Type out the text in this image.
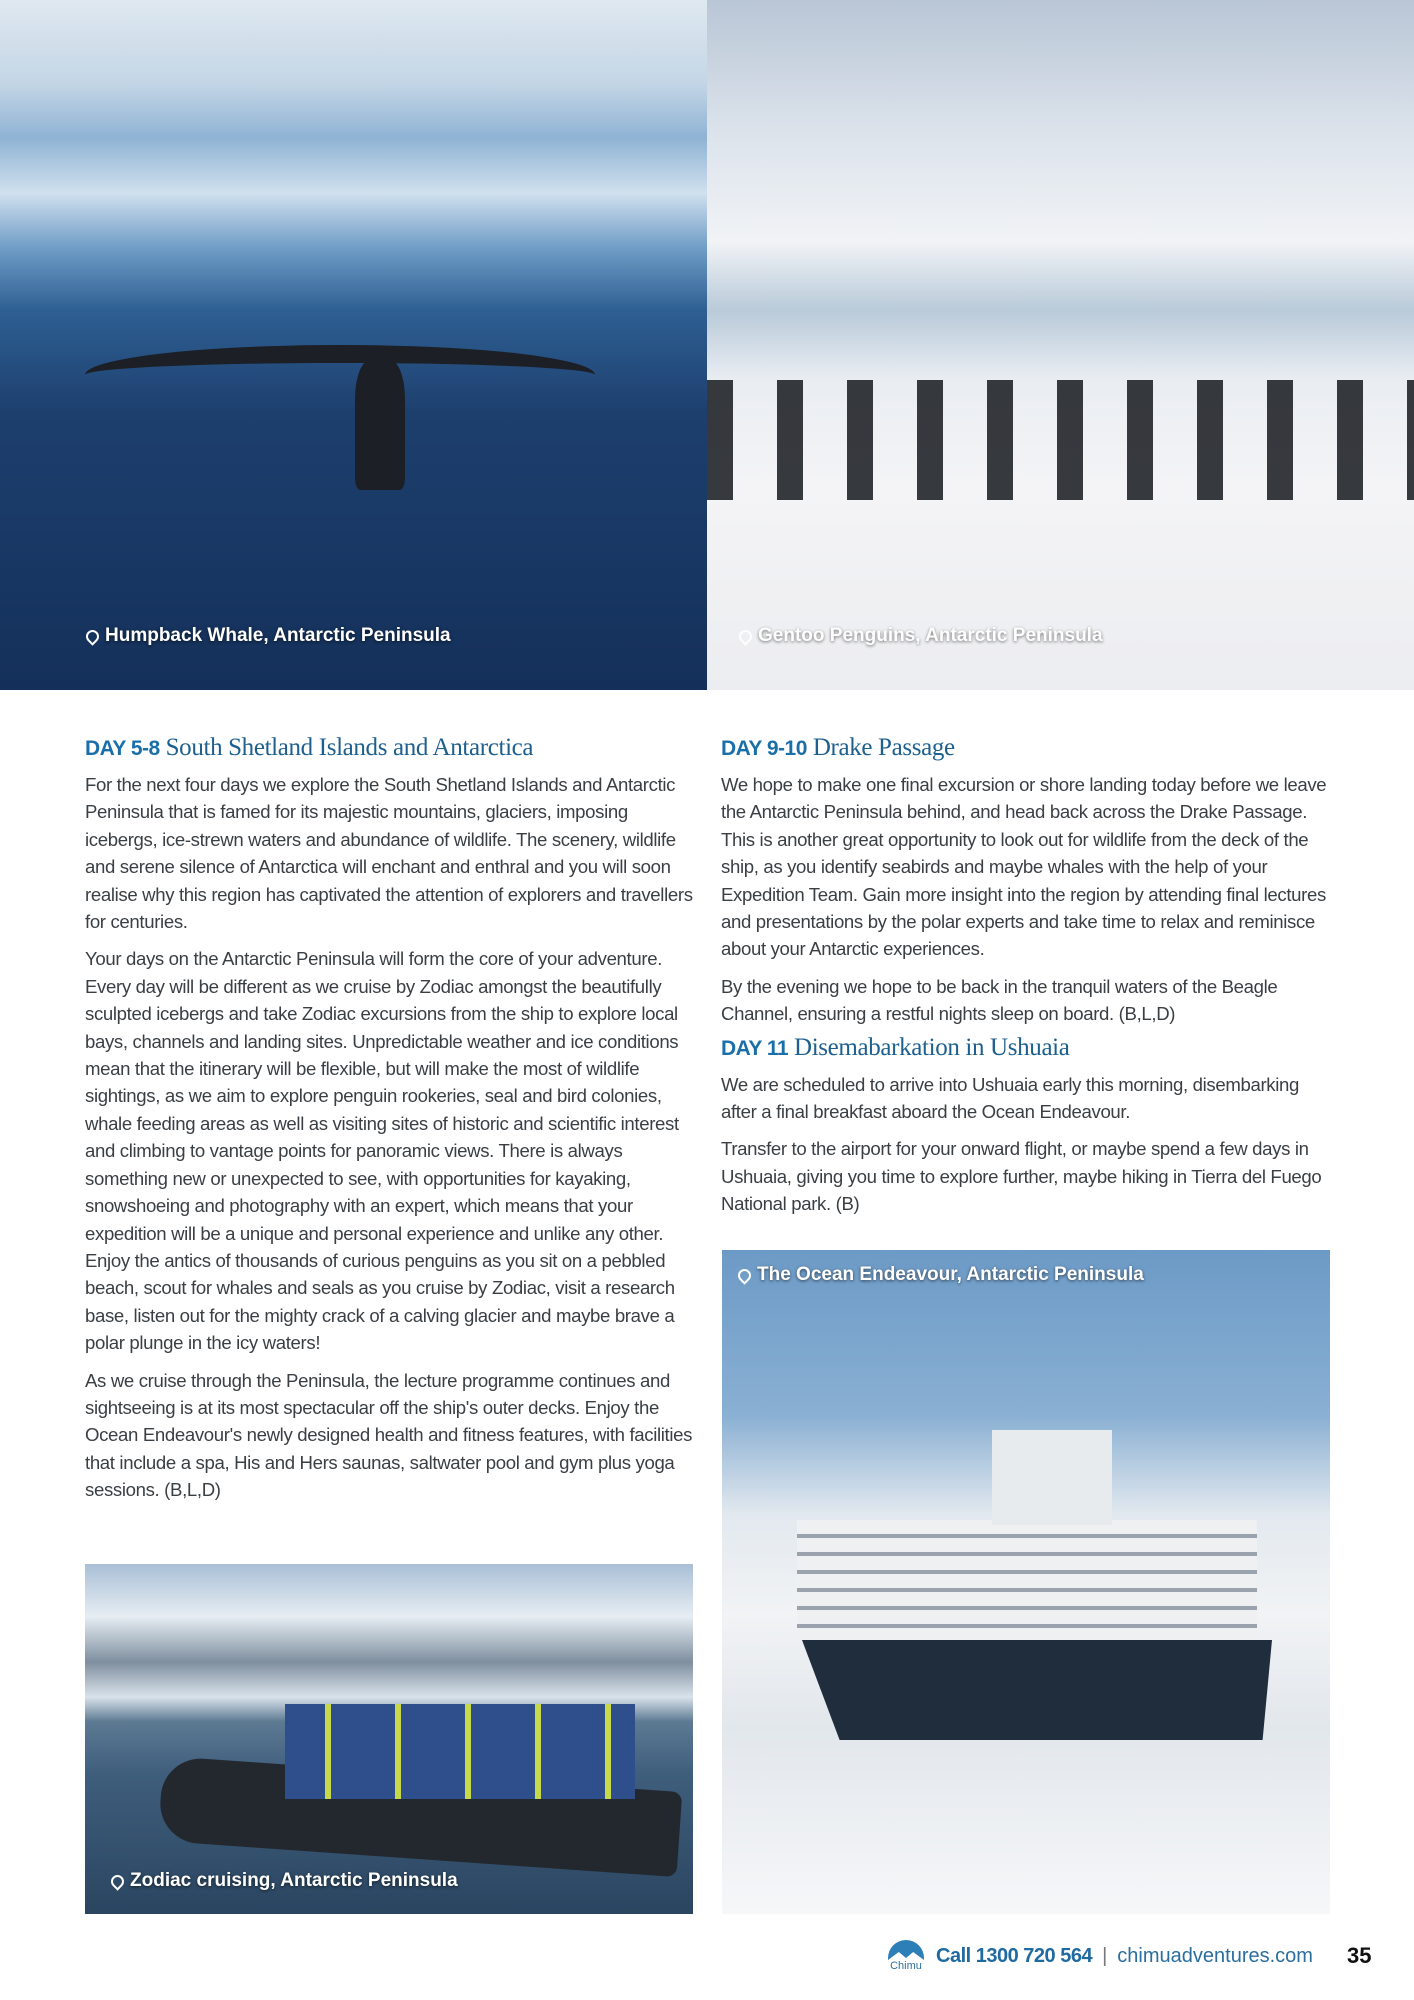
Humpback Whale, Antarctic Peninsula	Gentoo Penguins, Antarctic Peninsula
DAY 5-8 South Shetland Islands and Antarctica

For the next four days we explore the South Shetland Islands and Antarctic Peninsula that is famed for its majestic mountains, glaciers, imposing icebergs, ice-strewn waters and abundance of wildlife. The scenery, wildlife and serene silence of Antarctica will enchant and enthral and you will soon realise why this region has captivated the attention of explorers and travellers for centuries.

Your days on the Antarctic Peninsula will form the core of your adventure. Every day will be different as we cruise by Zodiac amongst the beautifully sculpted icebergs and take Zodiac excursions from the ship to explore local bays, channels and landing sites. Unpredictable weather and ice conditions mean that the itinerary will be flexible, but will make the most of wildlife sightings, as we aim to explore penguin rookeries, seal and bird colonies, whale feeding areas as well as visiting sites of historic and scientific interest and climbing to vantage points for panoramic views. There is always something new or unexpected to see, with opportunities for kayaking, snowshoeing and photography with an expert, which means that your expedition will be a unique and personal experience and unlike any other. Enjoy the antics of thousands of curious penguins as you sit on a pebbled beach, scout for whales and seals as you cruise by Zodiac, visit a research base, listen out for the mighty crack of a calving glacier and maybe brave a polar plunge in the icy waters!

As we cruise through the Peninsula, the lecture programme continues and sightseeing is at its most spectacular off the ship's outer decks. Enjoy the Ocean Endeavour's newly designed health and fitness features, with facilities that include a spa, His and Hers saunas, saltwater pool and gym plus yoga sessions. (B,L,D)

DAY 9-10 Drake Passage

We hope to make one final excursion or shore landing today before we leave the Antarctic Peninsula behind, and head back across the Drake Passage. This is another great opportunity to look out for wildlife from the deck of the ship, as you identify seabirds and maybe whales with the help of your Expedition Team. Gain more insight into the region by attending final lectures and presentations by the polar experts and take time to relax and reminisce about your Antarctic experiences.

By the evening we hope to be back in the tranquil waters of the Beagle Channel, ensuring a restful nights sleep on board. (B,L,D)

DAY 11 Disemabarkation in Ushuaia

We are scheduled to arrive into Ushuaia early this morning, disembarking after a final breakfast aboard the Ocean Endeavour.

Transfer to the airport for your onward flight, or maybe spend a few days in Ushuaia, giving you time to explore further, maybe hiking in Tierra del Fuego National park. (B)

Zodiac cruising, Antarctic Peninsula
The Ocean Endeavour, Antarctic Peninsula
Chimu Call 1300 720 564 | chimuadventures.com 35
